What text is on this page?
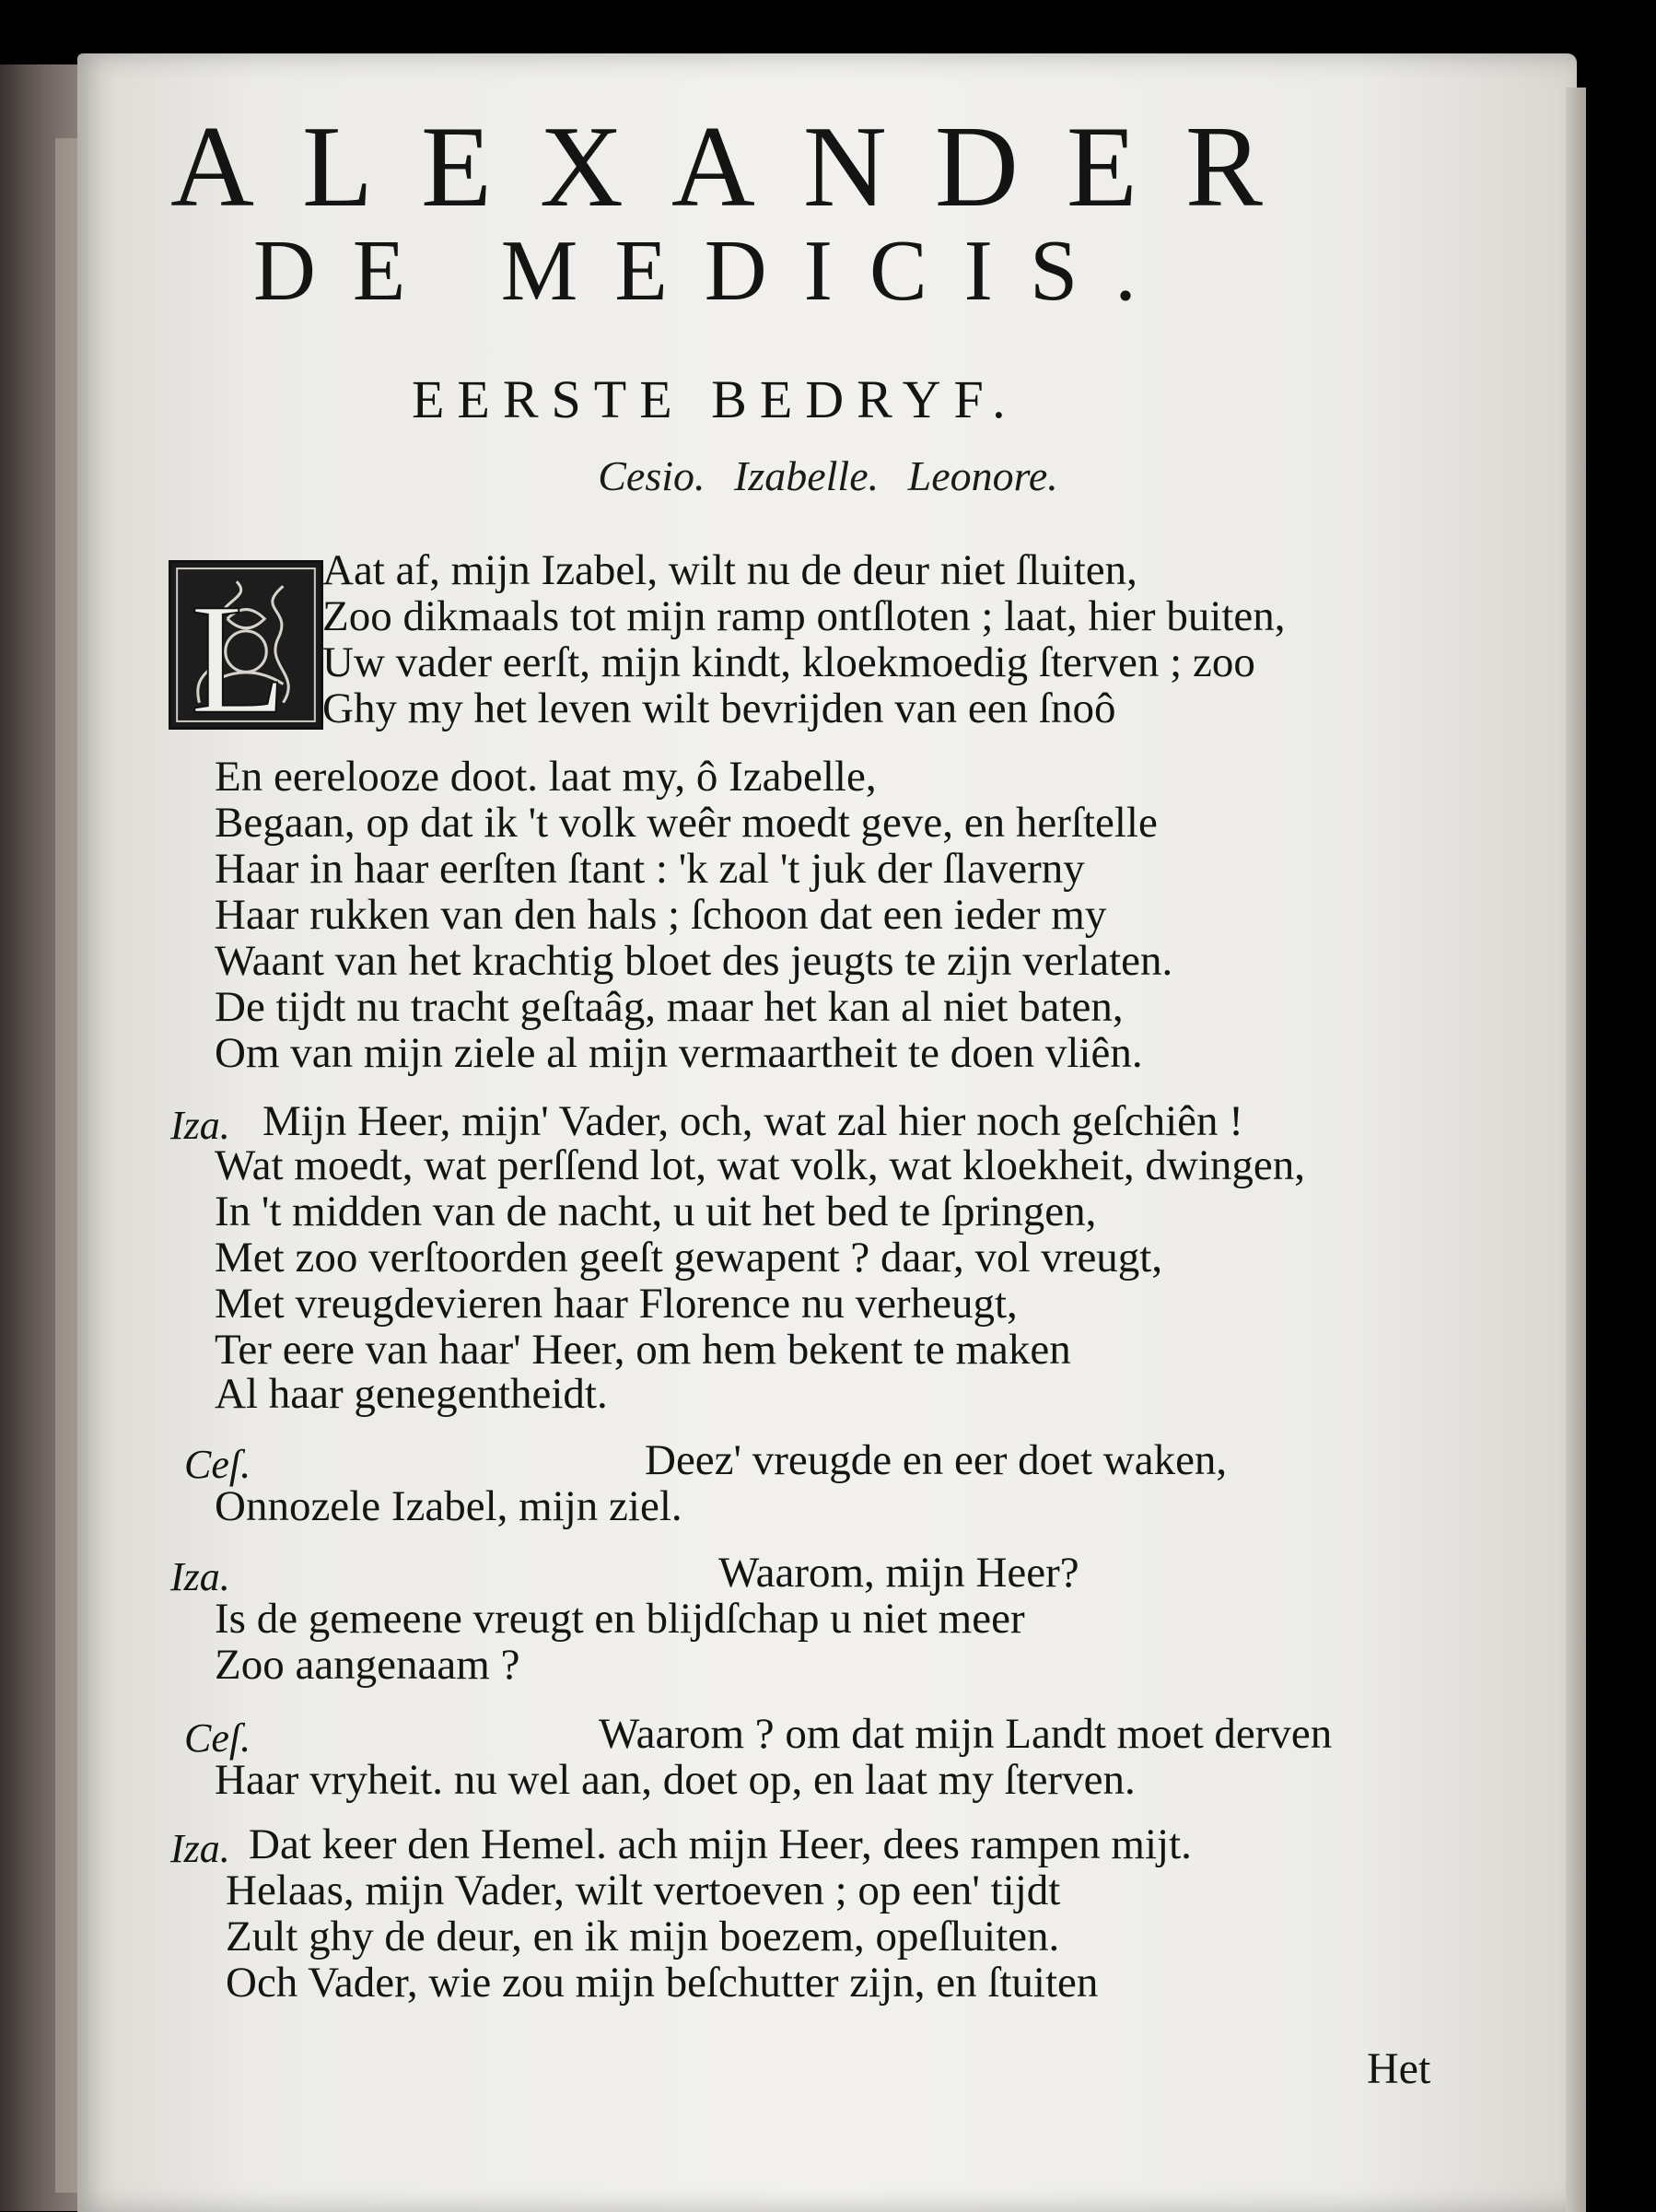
ALEXANDER
DE MEDICIS.
EERSTE BEDRYF.
Cesio. Izabelle. Leonore.
L
Aat af, mijn Izabel, wilt nu de deur niet ſluiten,
Zoo dikmaals tot mijn ramp ontſloten ; laat, hier buiten,
Uw vader eerſt, mijn kindt, kloekmoedig ſterven ; zoo
Ghy my het leven wilt bevrijden van een ſnoô
En eerelooze doot. laat my, ô Izabelle,
Begaan, op dat ik 't volk weêr moedt geve, en herſtelle
Haar in haar eerſten ſtant : 'k zal 't juk der ſlaverny
Haar rukken van den hals ; ſchoon dat een ieder my
Waant van het krachtig bloet des jeugts te zijn verlaten.
De tijdt nu tracht geſtaâg, maar het kan al niet baten,
Om van mijn ziele al mijn vermaartheit te doen vliên.
Mijn Heer, mijn' Vader, och, wat zal hier noch geſchiên !
Iza.
Wat moedt, wat perſſend lot, wat volk, wat kloekheit, dwingen,
In 't midden van de nacht, u uit het bed te ſpringen,
Met zoo verſtoorden geeſt gewapent ? daar, vol vreugt,
Met vreugdevieren haar Florence nu verheugt,
Ter eere van haar' Heer, om hem bekent te maken
Al haar genegentheidt.
Deez' vreugde en eer doet waken,
Ceſ.
Onnozele Izabel, mijn ziel.
Waarom, mijn Heer?
Iza.
Is de gemeene vreugt en blijdſchap u niet meer
Zoo aangenaam ?
Waarom ? om dat mijn Landt moet derven
Ceſ.
Haar vryheit. nu wel aan, doet op, en laat my ſterven.
Dat keer den Hemel. ach mijn Heer, dees rampen mijt.
Iza.
Helaas, mijn Vader, wilt vertoeven ; op een' tijdt
Zult ghy de deur, en ik mijn boezem, opeſluiten.
Och Vader, wie zou mijn beſchutter zijn, en ſtuiten
Het
